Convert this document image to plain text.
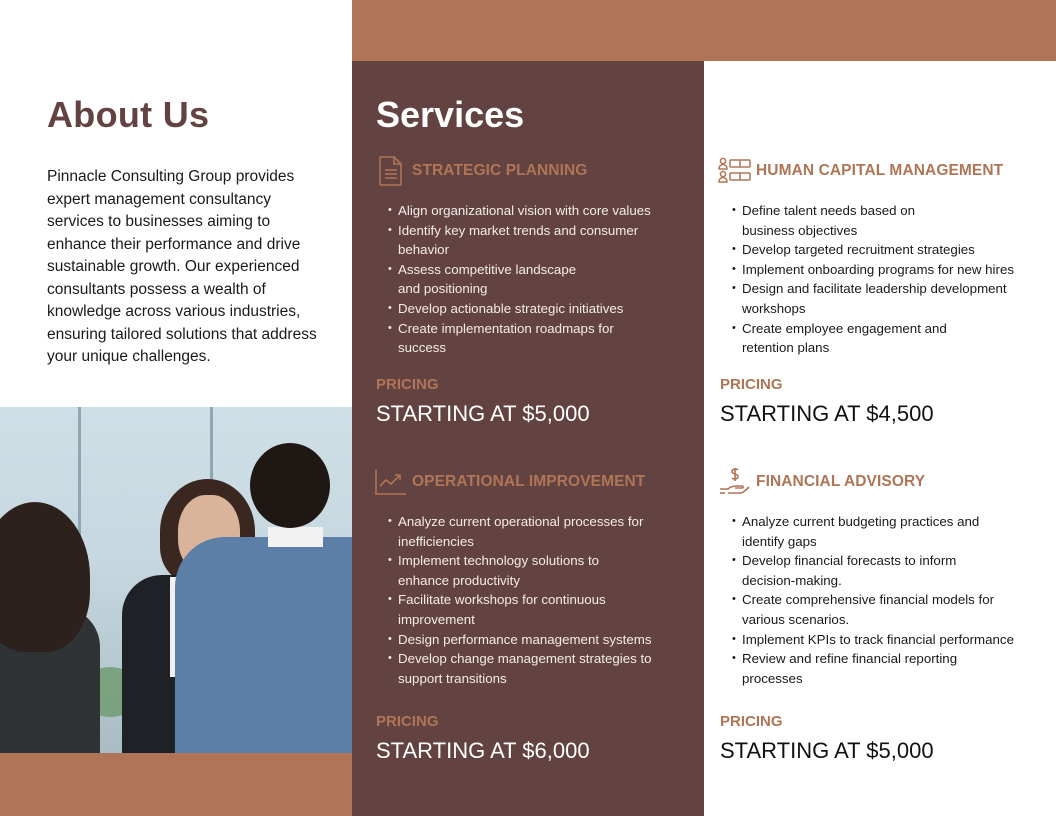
About Us

Pinnacle Consulting Group provides expert management consultancy services to businesses aiming to enhance their performance and drive sustainable growth. Our experienced consultants possess a wealth of knowledge across various industries, ensuring tailored solutions that address your unique challenges.

Services
STRATEGIC PLANNING
• Align organizational vision with core values
• Identify key market trends and consumer behavior
• Assess competitive landscape and positioning
• Develop actionable strategic initiatives
• Create implementation roadmaps for success
PRICING
STARTING AT $5,000
HUMAN CAPITAL MANAGEMENT
• Define talent needs based on business objectives
• Develop targeted recruitment strategies
• Implement onboarding programs for new hires
• Design and facilitate leadership development workshops
• Create employee engagement and retention plans
PRICING
STARTING AT $4,500
OPERATIONAL IMPROVEMENT
• Analyze current operational processes for inefficiencies
• Implement technology solutions to enhance productivity
• Facilitate workshops for continuous improvement
• Design performance management systems
• Develop change management strategies to support transitions
PRICING
STARTING AT $6,000
FINANCIAL ADVISORY
• Analyze current budgeting practices and identify gaps
• Develop financial forecasts to inform decision-making.
• Create comprehensive financial models for various scenarios.
• Implement KPIs to track financial performance
• Review and refine financial reporting processes
PRICING
STARTING AT $5,000
